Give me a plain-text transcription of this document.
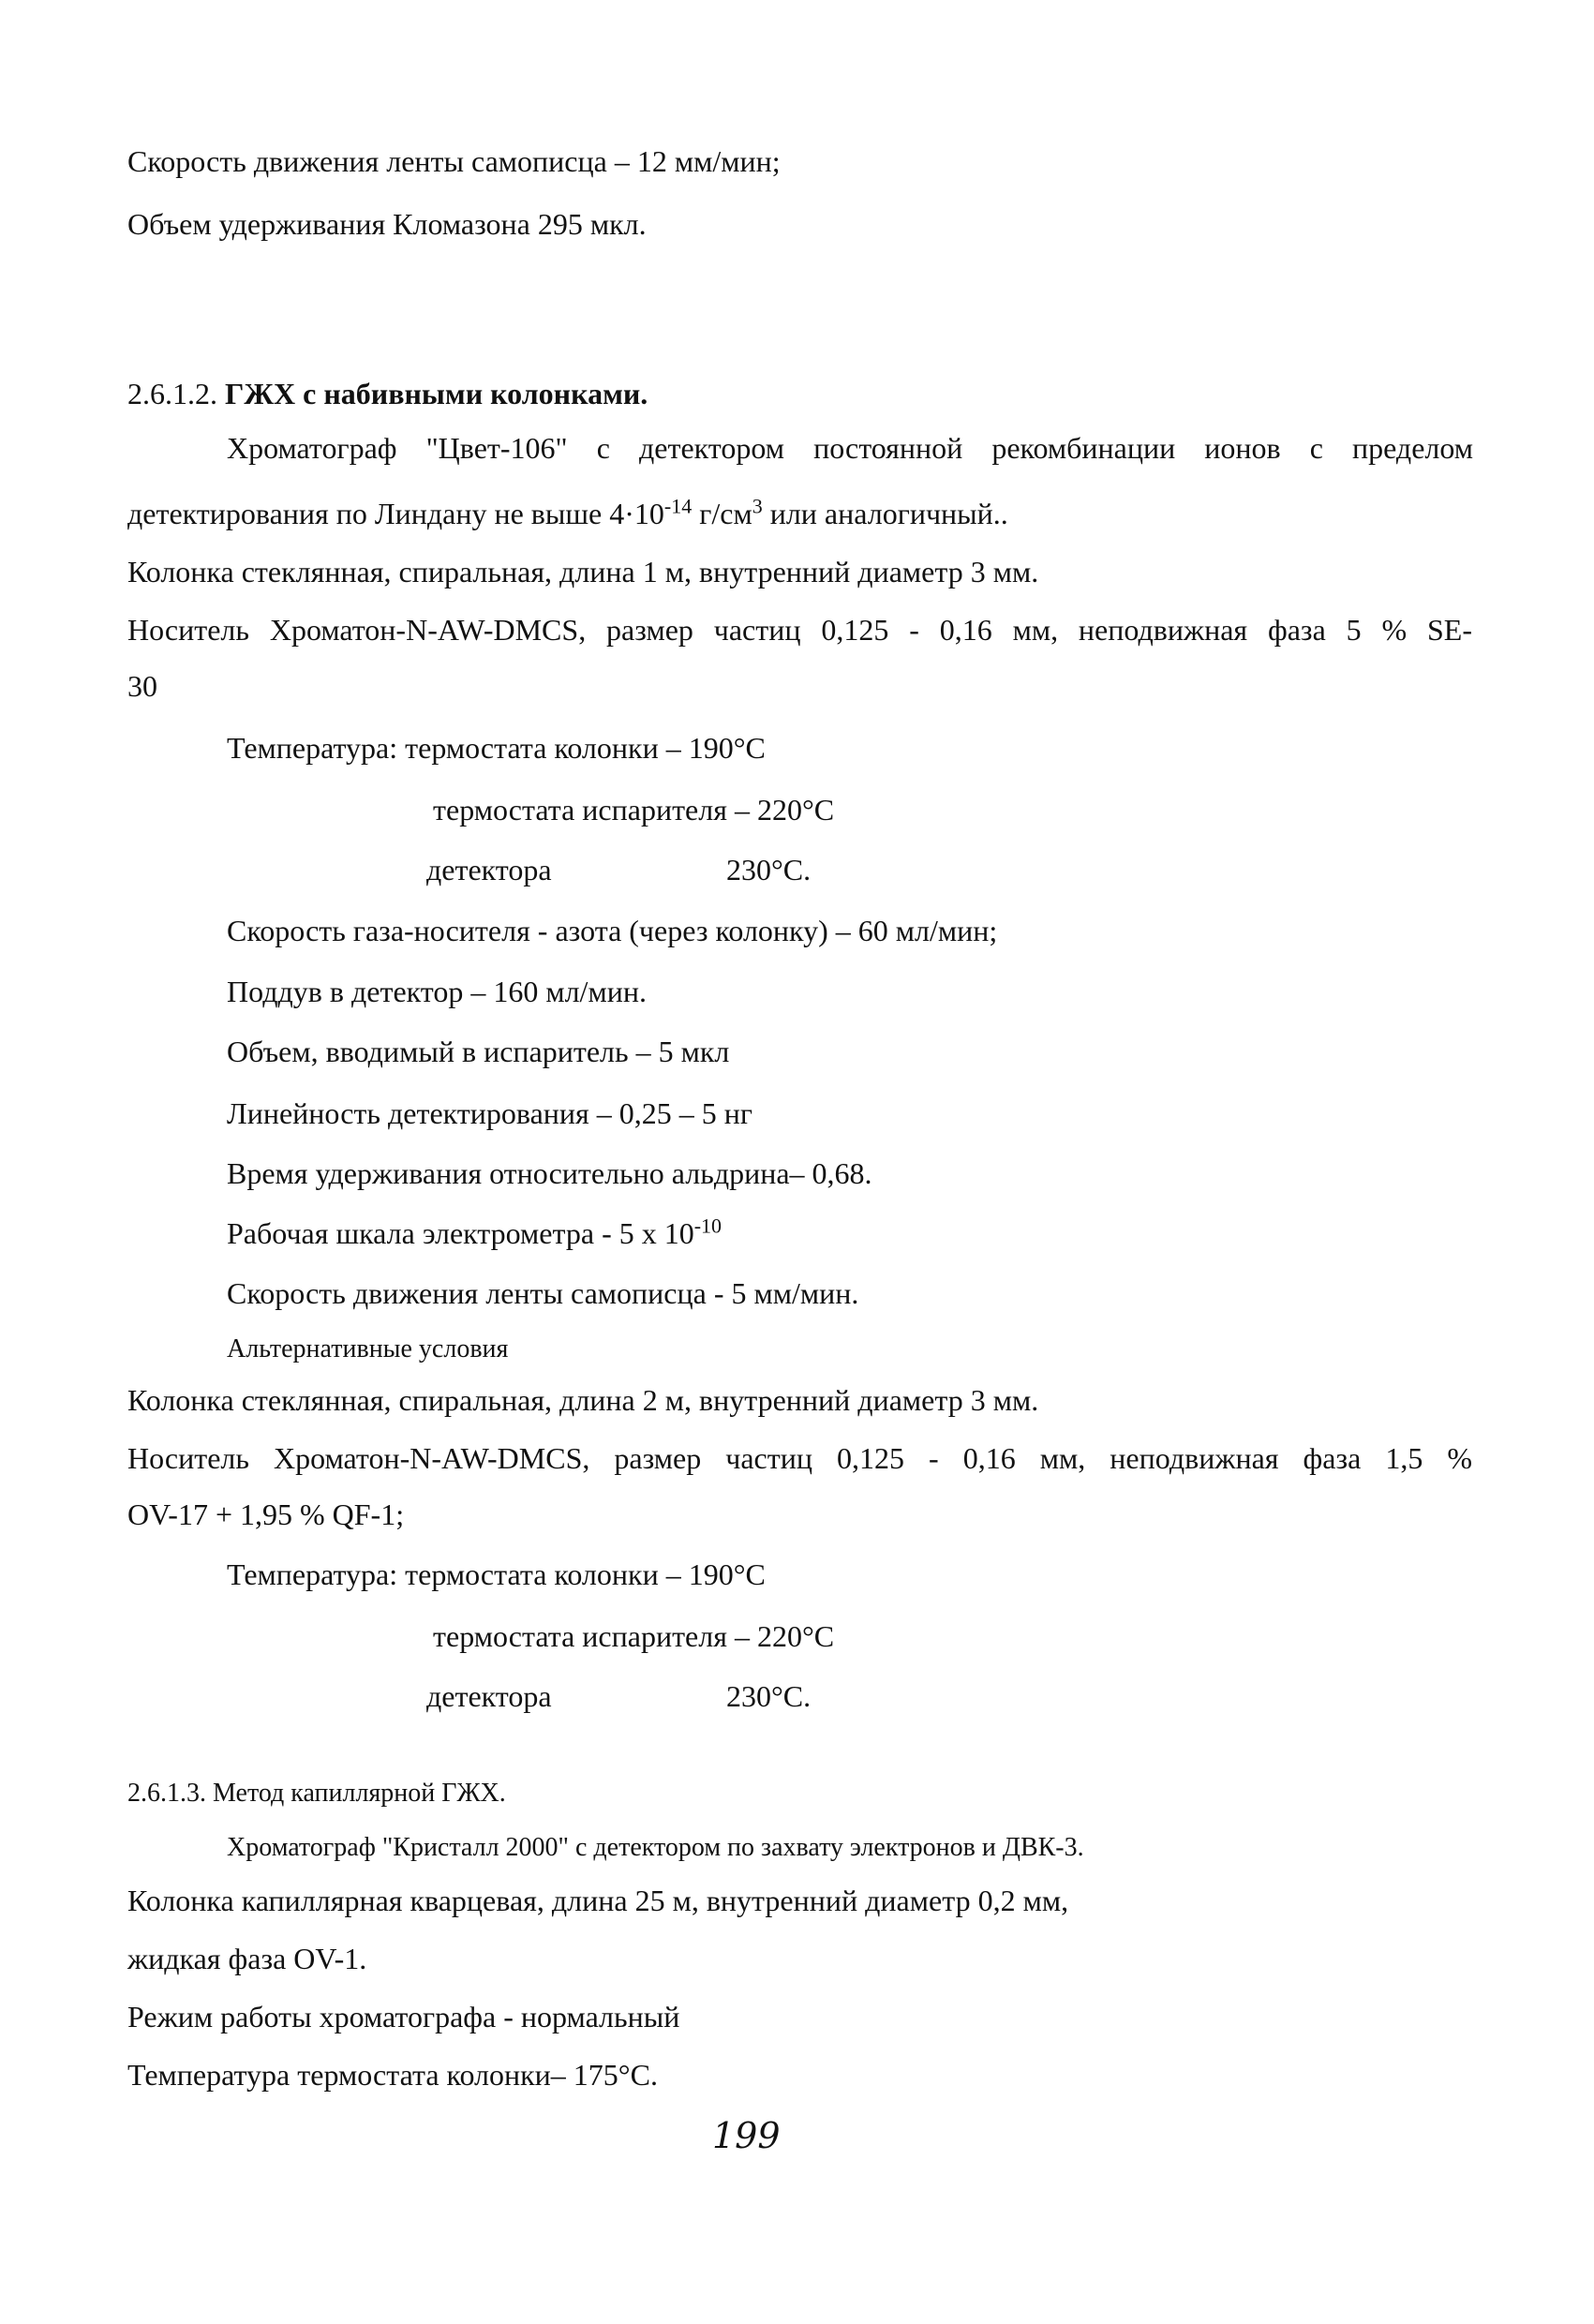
Скорость движения ленты самописца – 12 мм/мин;
Объем удерживания Кломазона 295 мкл.
2.6.1.2. ГЖХ с набивными колонками.
Хроматограф "Цвет-106" с детектором постоянной рекомбинации ионов с пределом
детектирования по Линдану не выше $4\cdot 10^{-14}$ $г/см^3$ или аналогичный..
Колонка стеклянная, спиральная, длина 1 м, внутренний диаметр 3 мм.
Носитель Хроматон-N-AW-DMCS, размер частиц 0,125 - 0,16 мм, неподвижная фаза 5 % SE-
30
Температура: термостата колонки – 190°С
термостата испарителя – 220°С
детектора	230°С.
Скорость газа-носителя - азота (через колонку) – 60 мл/мин;
Поддув в детектор – 160 мл/мин.
Объем, вводимый в испаритель – 5 мкл
Линейность детектирования – 0,25 – 5 нг
Время удерживания относительно альдрина– 0,68.
Рабочая шкала электрометра - 5 х $10^{-10}$
Скорость движения ленты самописца - 5 мм/мин.
Альтернативные условия
Колонка стеклянная, спиральная, длина 2 м, внутренний диаметр 3 мм.
Носитель Хроматон-N-AW-DMCS, размер частиц 0,125 - 0,16 мм, неподвижная фаза 1,5 %
OV-17 + 1,95 % QF-1;
Температура: термостата колонки – 190°С
термостата испарителя – 220°С
детектора	230°С.
2.6.1.3. Метод капиллярной ГЖХ.
Хроматограф "Кристалл 2000" с детектором по захвату электронов и ДВК-3.
Колонка капиллярная кварцевая, длина 25 м, внутренний диаметр 0,2 мм,
жидкая фаза OV-1.
Режим работы хроматографа - нормальный
Температура термостата колонки– 175°С.
199
